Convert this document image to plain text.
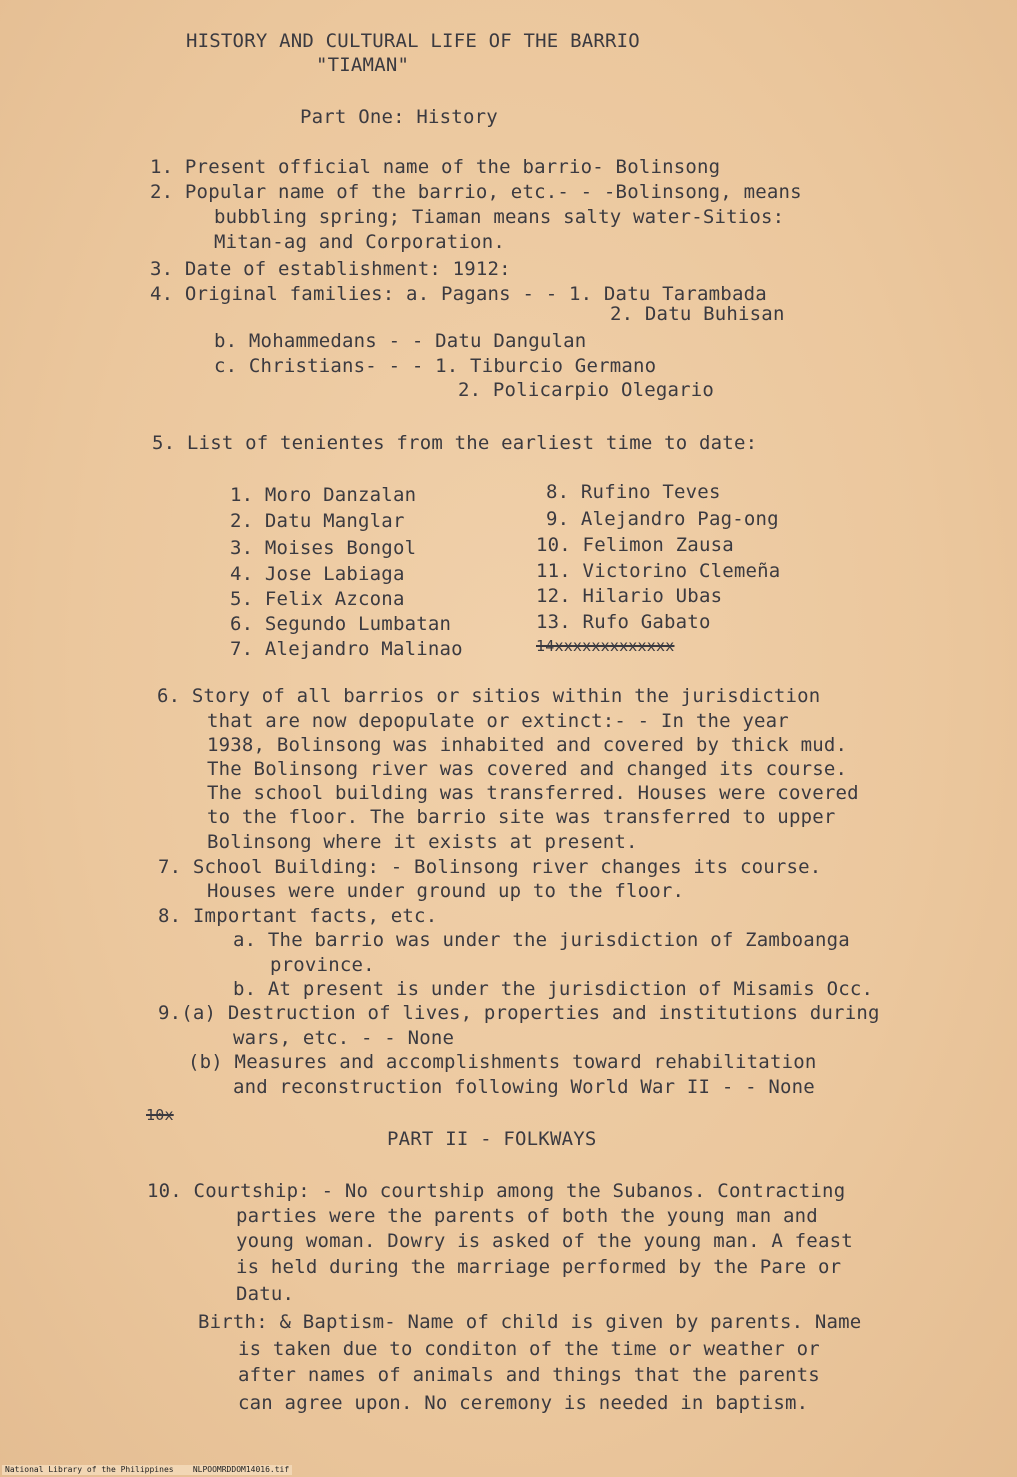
HISTORY AND CULTURAL LIFE OF THE BARRIO
"TIAMAN"
Part One: History
1. Present official name of the barrio- Bolinsong
2. Popular name of the barrio, etc.- - -Bolinsong, means
bubbling spring; Tiaman means salty water-Sitios:
Mitan-ag and Corporation.
3. Date of establishment: 1912:
4. Original families: a. Pagans - - 1. Datu Tarambada
2. Datu Buhisan
b. Mohammedans - - Datu Dangulan
c. Christians- - - 1. Tiburcio Germano
2. Policarpio Olegario
5. List of tenientes from the earliest time to date:
1. Moro Danzalan
2. Datu Manglar
3. Moises Bongol
4. Jose Labiaga
5. Felix Azcona
6. Segundo Lumbatan
7. Alejandro Malinao
8. Rufino Teves
9. Alejandro Pag-ong
10. Felimon Zausa
11. Victorino Clemeña
12. Hilario Ubas
13. Rufo Gabato
14xxxxxxxxxxxxx
6. Story of all barrios or sitios within the jurisdiction
that are now depopulate or extinct:- - In the year
1938, Bolinsong was inhabited and covered by thick mud.
The Bolinsong river was covered and changed its course.
The school building was transferred. Houses were covered
to the floor. The barrio site was transferred to upper
Bolinsong where it exists at present.
7. School Building: - Bolinsong river changes its course.
Houses were under ground up to the floor.
8. Important facts, etc.
a. The barrio was under the jurisdiction of Zamboanga
province.
b. At present is under the jurisdiction of Misamis Occ.
9.(a) Destruction of lives, properties and institutions during
wars, etc. - - None
(b) Measures and accomplishments toward rehabilitation
and reconstruction following World War II - - None
10x
PART II - FOLKWAYS
10. Courtship: - No courtship among the Subanos. Contracting
parties were the parents of both the young man and
young woman. Dowry is asked of the young man. A feast
is held during the marriage performed by the Pare or
Datu.
Birth: & Baptism- Name of child is given by parents. Name
is taken due to conditon of the time or weather or
after names of animals and things that the parents
can agree upon. No ceremony is needed in baptism.
National Library of the Philippines    NLPOOMRDDOM14016.tif
